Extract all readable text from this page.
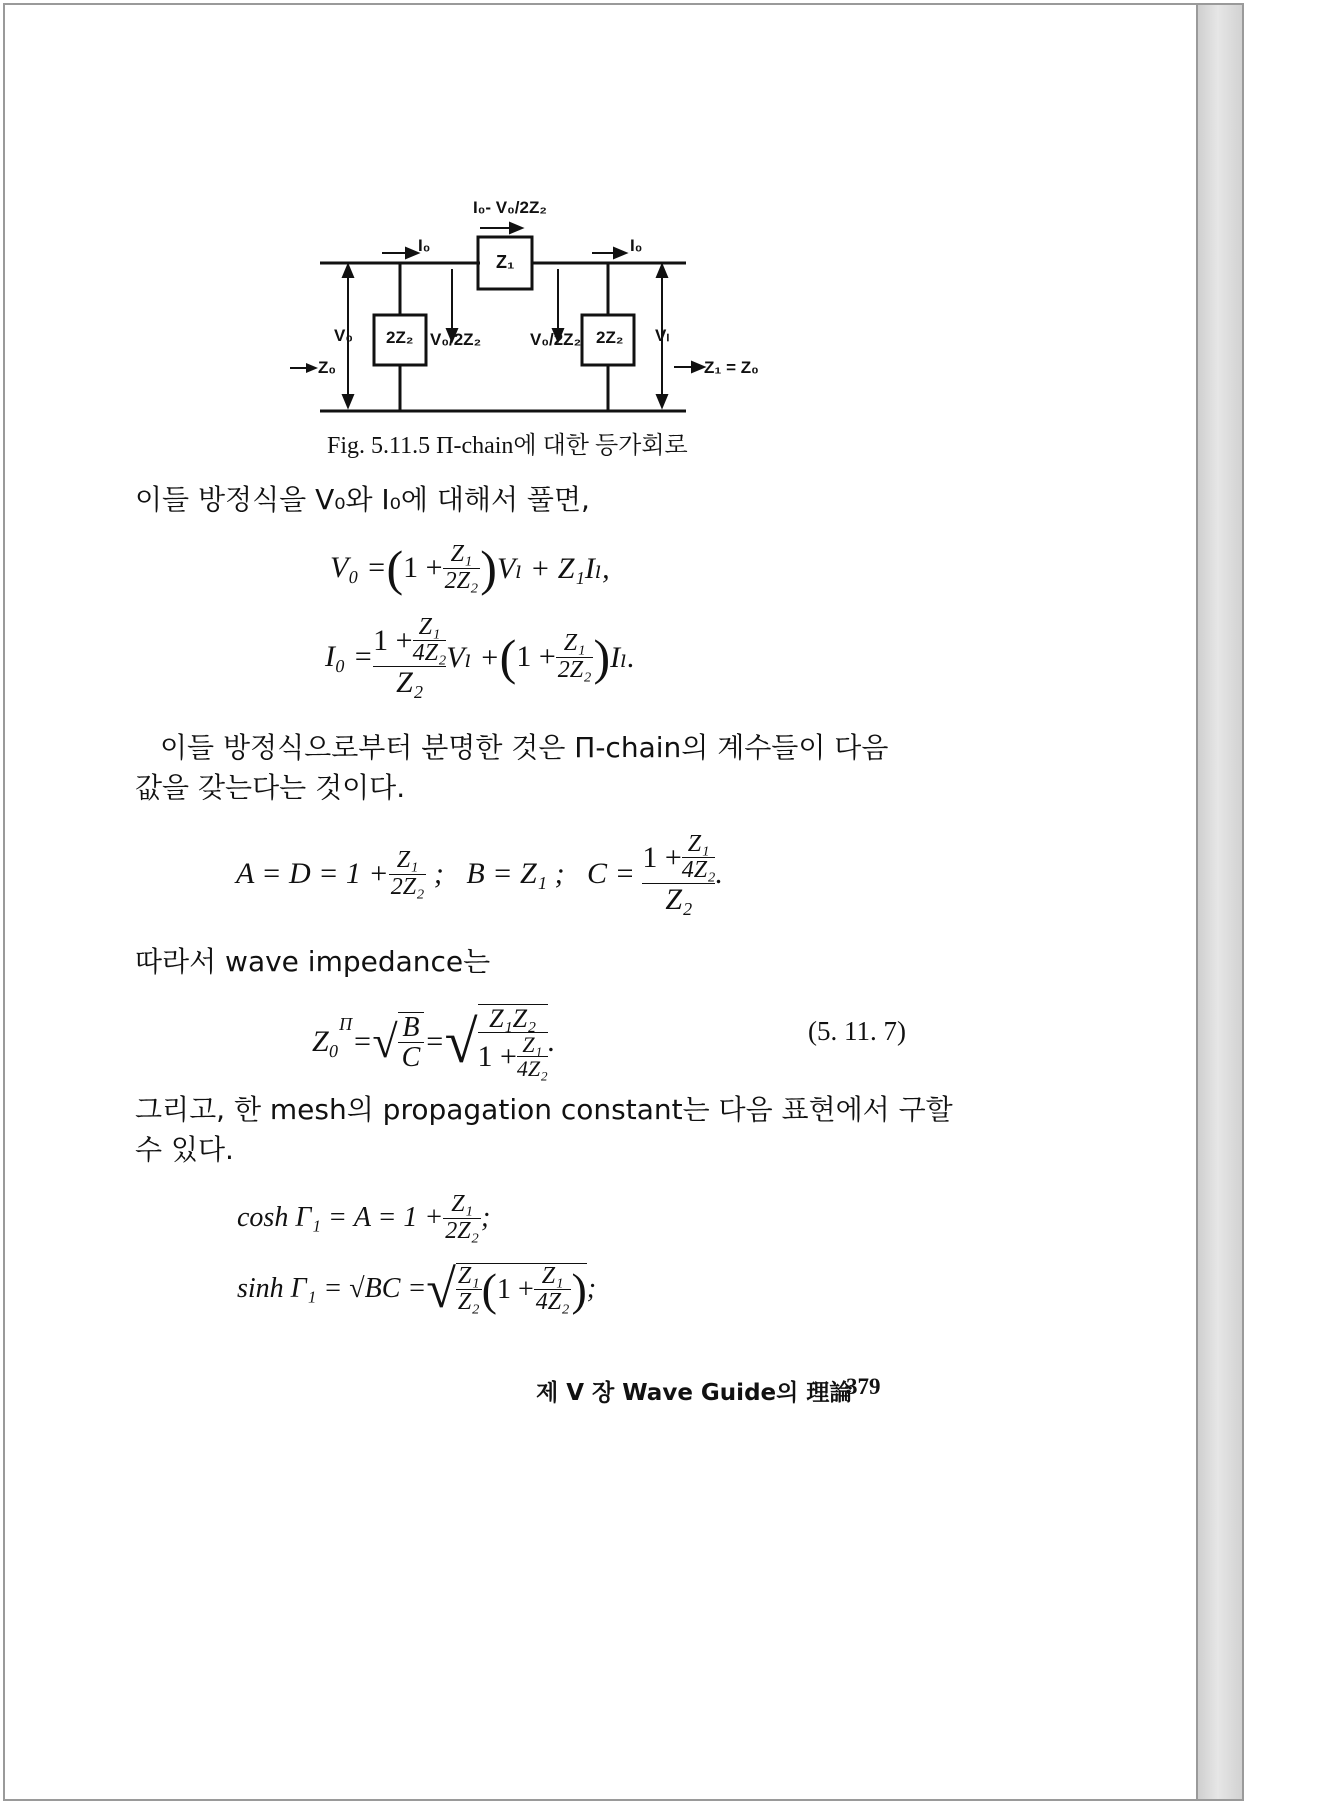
I₀- V₀/2Z₂
Z₁
2Z₂	2Z₂
I₀	I₀
V₀	Vₗ
Z₀
V₀/2Z₂	V₀/2Z₂
Z₁ = Z₀
Fig. 5.11.5 Π-chain에 대한 등가회로
이들 방정식을 V₀와 I₀에 대해서 풀면,
V₀ = ( $1 + \frac{\text{Z₁}}{\text{2Z₂}}$ ) Vₗ + Z₁Iₗ,
$I_0 = \frac{1 + \frac{\text{Z₁}}{\text{4Z₂}}}{\text{Z₂}}$ Vₗ + ( $1 + \frac{\text{Z₁}}{\text{2Z₂}}$ ) Iₗ.
이들 방정식으로부터 분명한 것은 Π-chain의 계수들이 다음
값을 갖는다는 것이다.
$A = D = 1 + \frac{\text{Z₁}}{\text{2Z₂}}$ ;   B = Z₁ ;   $C = \frac{1 + \frac{\text{Z₁}}{\text{4Z₂}}}{\text{Z₂}}$ .
따라서 wave impedance는
Z₀
$^\Pi$
= √ $\frac{B}{C}$ = √ Z₁Z₂
$1 + \frac{\text{Z₁}}{\text{4Z₂}}$ .	(5. 11. 7)
그리고, 한 mesh의 propagation constant는 다음 표현에서 구할
수 있다.
$\cosh \Gamma_1 = A = 1 + \frac{\text{Z₁}}{\text{2Z₂}}$ ;
sinh Γ₁ = √BC = √ $\frac{\text{Z₁}}{\text{Z₂}}$ ( $1 + \frac{\text{Z₁}}{\text{4Z₂}}$ ) ;
제 Ⅴ 장 Wave Guide의 理論
379
